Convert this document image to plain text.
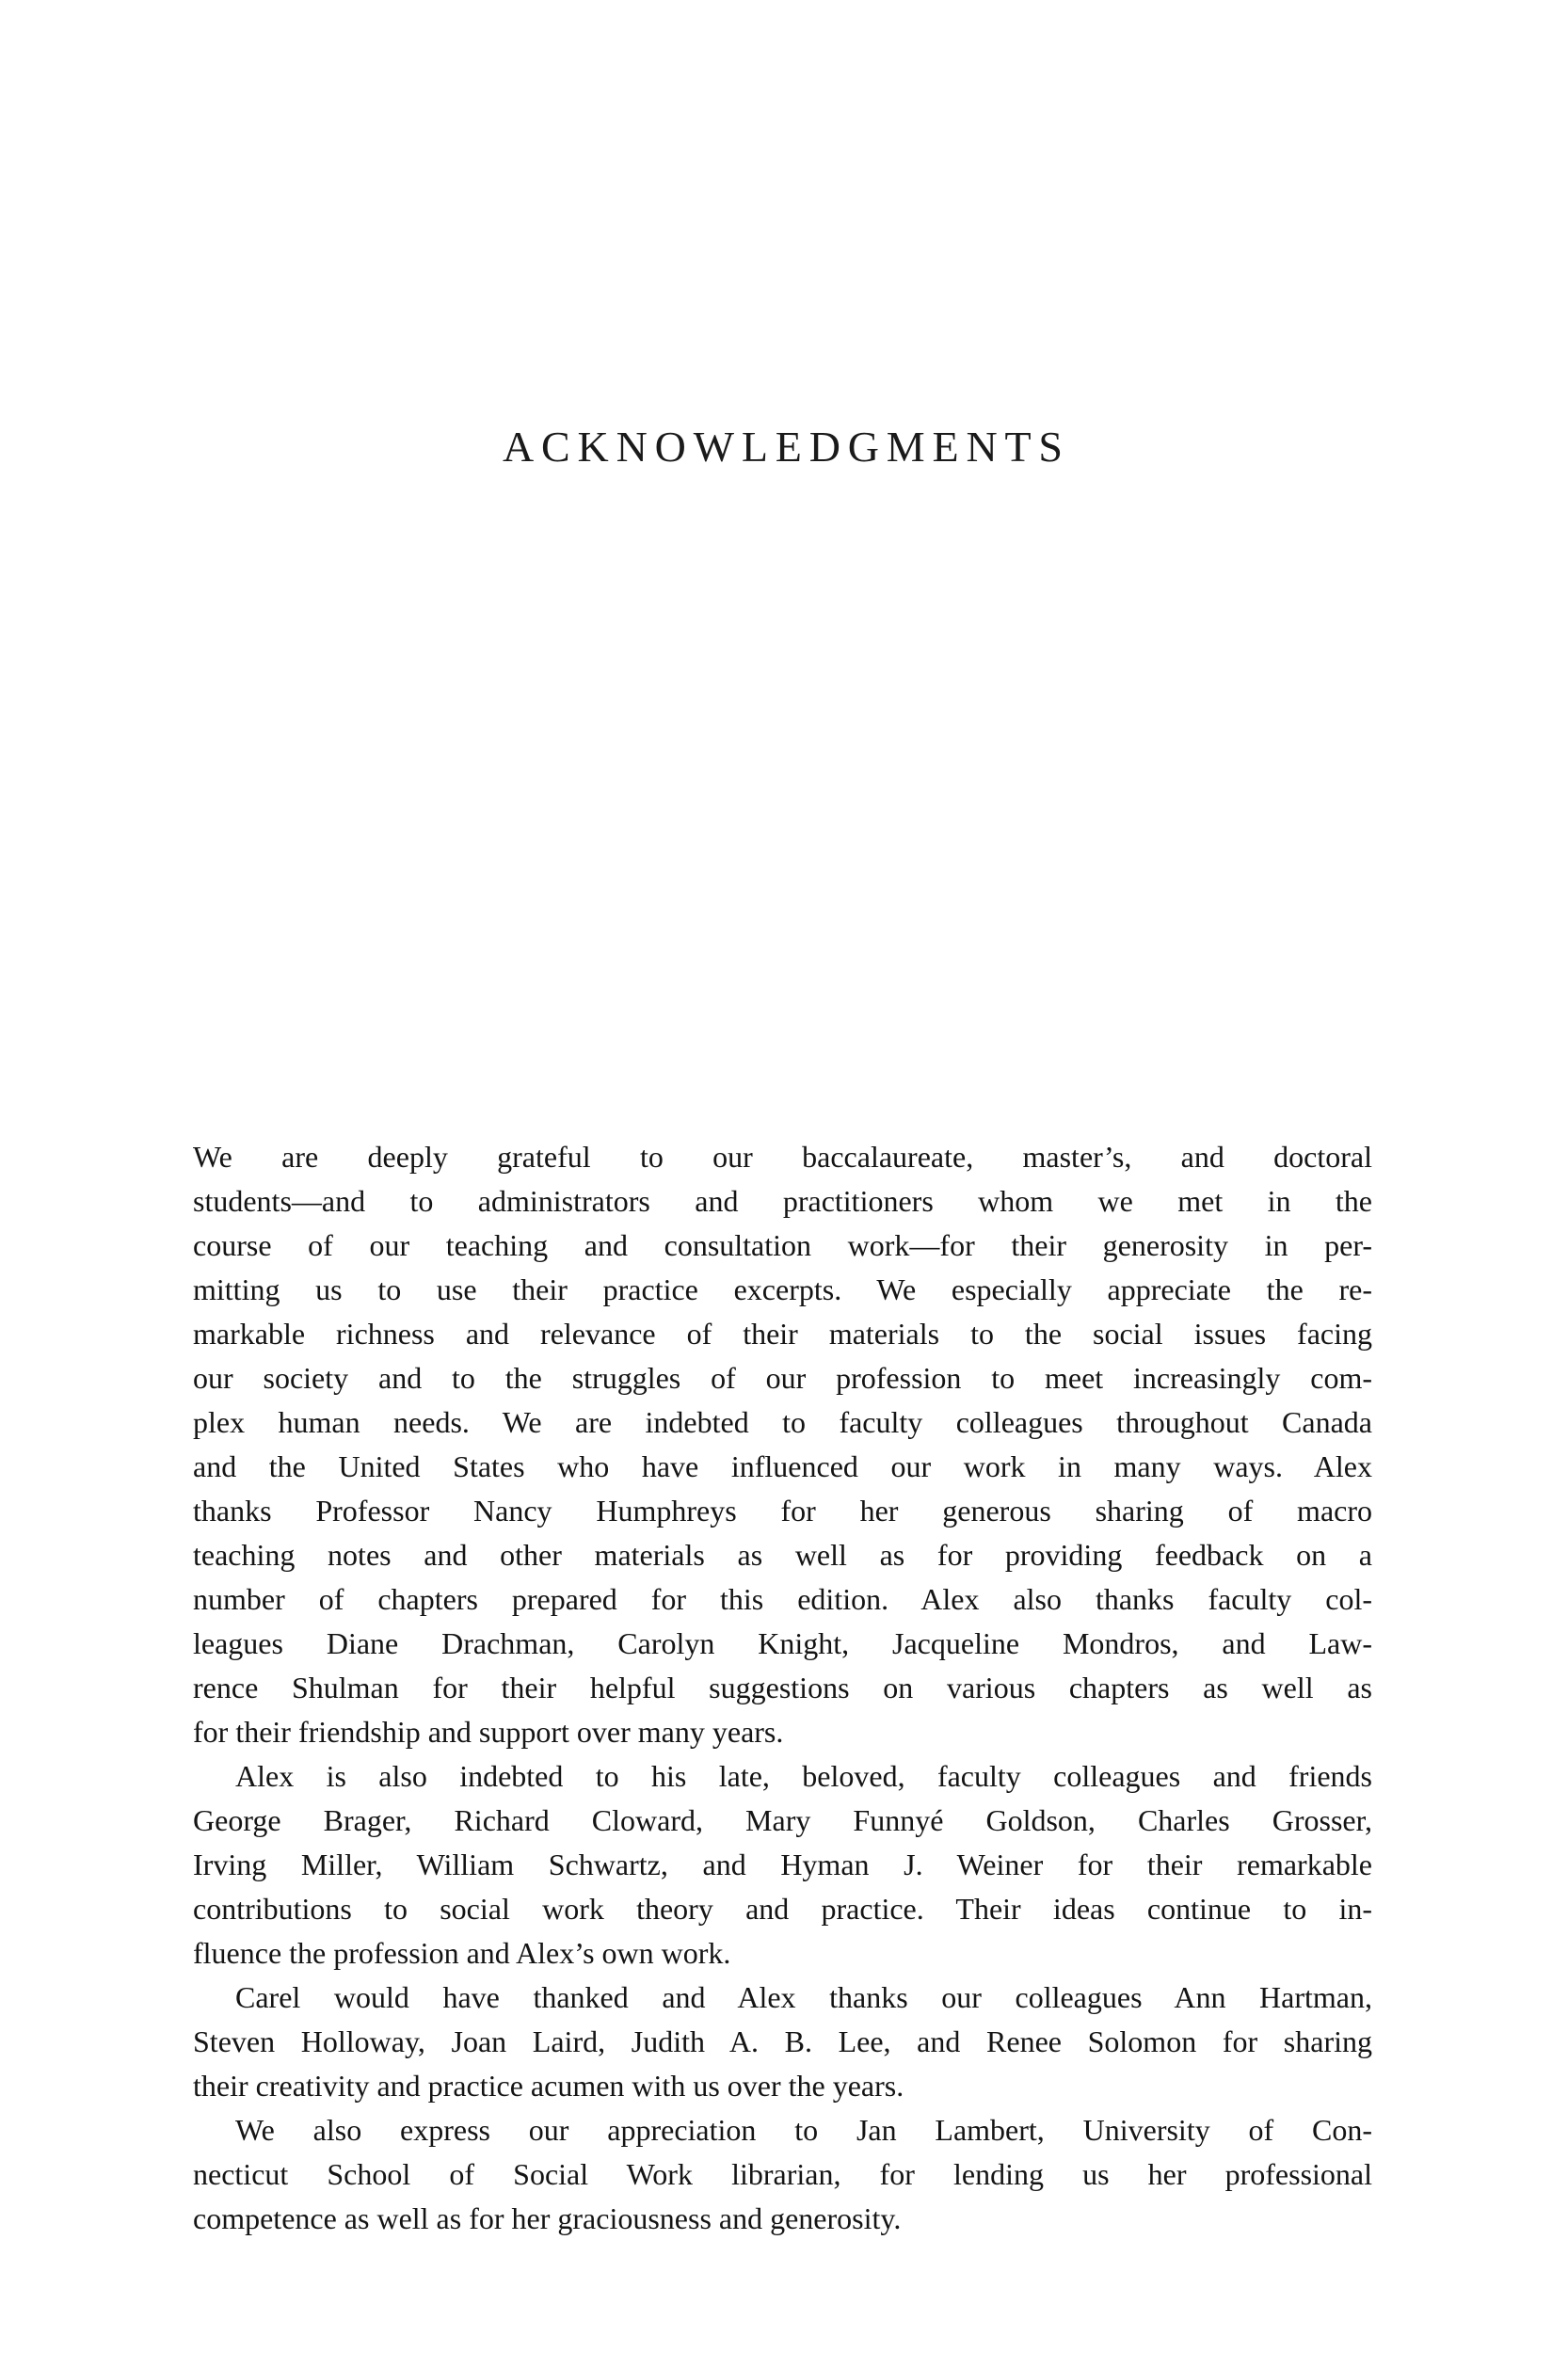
ACKNOWLEDGMENTS

We are deeply grateful to our baccalaureate, master’s, and doctoral
students—and to administrators and practitioners whom we met in the
course of our teaching and consultation work—for their generosity in per-
mitting us to use their practice excerpts. We especially appreciate the re-
markable richness and relevance of their materials to the social issues facing
our society and to the struggles of our profession to meet increasingly com-
plex human needs. We are indebted to faculty colleagues throughout Canada
and the United States who have influenced our work in many ways. Alex
thanks Professor Nancy Humphreys for her generous sharing of macro
teaching notes and other materials as well as for providing feedback on a
number of chapters prepared for this edition. Alex also thanks faculty col-
leagues Diane Drachman, Carolyn Knight, Jacqueline Mondros, and Law-
rence Shulman for their helpful suggestions on various chapters as well as
for their friendship and support over many years.

Alex is also indebted to his late, beloved, faculty colleagues and friends
George Brager, Richard Cloward, Mary Funnyé Goldson, Charles Grosser,
Irving Miller, William Schwartz, and Hyman J. Weiner for their remarkable
contributions to social work theory and practice. Their ideas continue to in-
fluence the profession and Alex’s own work.

Carel would have thanked and Alex thanks our colleagues Ann Hartman,
Steven Holloway, Joan Laird, Judith A. B. Lee, and Renee Solomon for sharing
their creativity and practice acumen with us over the years.

We also express our appreciation to Jan Lambert, University of Con-
necticut School of Social Work librarian, for lending us her professional
competence as well as for her graciousness and generosity.
